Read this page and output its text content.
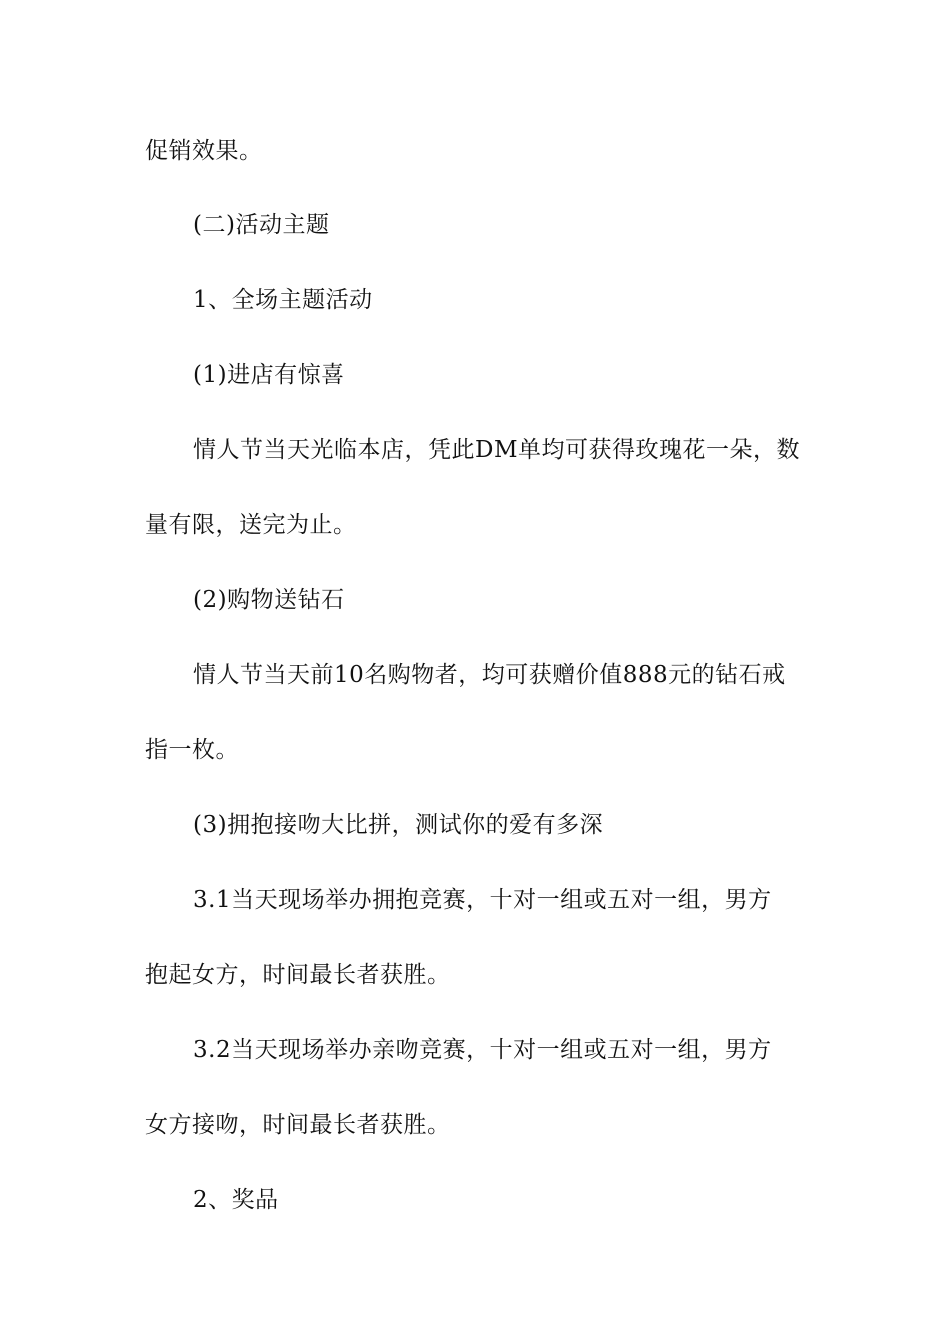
促销效果。
(二)活动主题
1、全场主题活动
(1)进店有惊喜
情人节当天光临本店，凭此DM单均可获得玫瑰花一朵，数
量有限，送完为止。
(2)购物送钻石
情人节当天前10名购物者，均可获赠价值888元的钻石戒
指一枚。
(3)拥抱接吻大比拼，测试你的爱有多深
3.1当天现场举办拥抱竞赛，十对一组或五对一组，男方
抱起女方，时间最长者获胜。
3.2当天现场举办亲吻竞赛，十对一组或五对一组，男方
女方接吻，时间最长者获胜。
2、奖品
